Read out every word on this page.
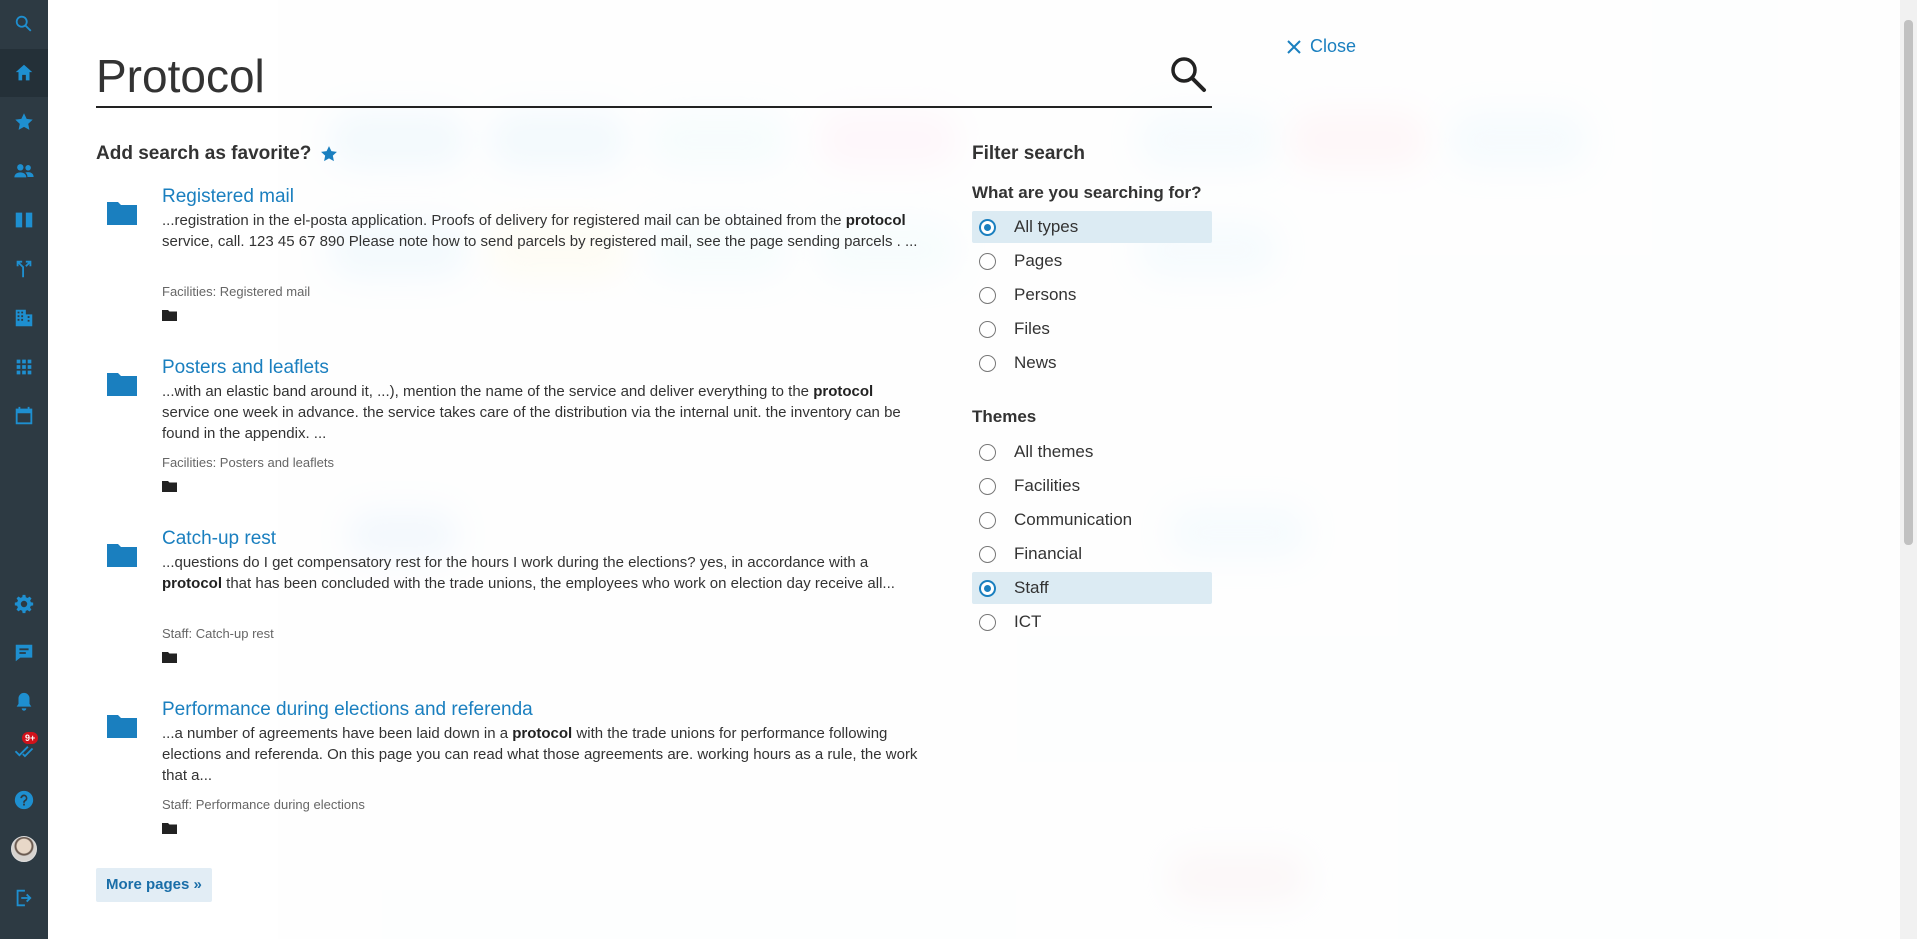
9+
Protocol
Close
Add search as favorite?
Registered mail
...registration in the el-posta application. Proofs of delivery for registered mail can be obtained from the protocol service, call. 123 45 67 890 Please note how to send parcels by registered mail, see the page sending parcels . ...
Facilities: Registered mail
Posters and leaflets
...with an elastic band around it, ...), mention the name of the service and deliver everything to the protocol service one week in advance. the service takes care of the distribution via the internal unit. the inventory can be found in the appendix. ...
Facilities: Posters and leaflets
Catch-up rest
...questions do I get compensatory rest for the hours I work during the elections? yes, in accordance with a protocol that has been concluded with the trade unions, the employees who work on election day receive all...
Staff: Catch-up rest
Performance during elections and referenda
...a number of agreements have been laid down in a protocol with the trade unions for performance following elections and referenda. On this page you can read what those agreements are. working hours as a rule, the work that a...
Staff: Performance during elections
More pages »
Filter search
What are you searching for?
All types
Pages
Persons
Files
News
Themes
All themes
Facilities
Communication
Financial
Staff
ICT
